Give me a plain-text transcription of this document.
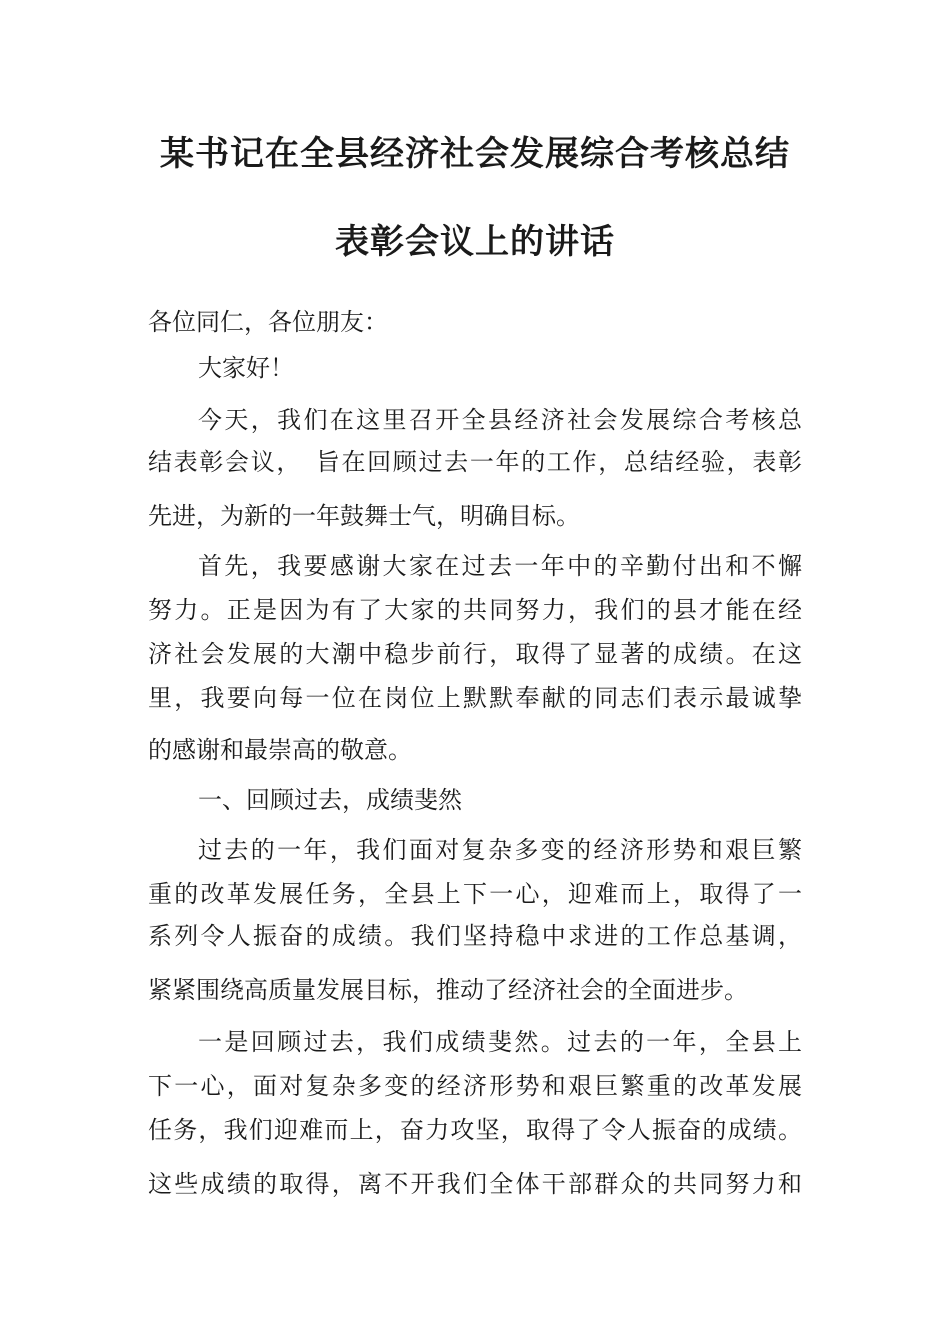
某书记在全县经济社会发展综合考核总结
表彰会议上的讲话

各位同仁，各位朋友：

大家好！

今天，我们在这里召开全县经济社会发展综合考核总

结表彰会议，　旨在回顾过去一年的工作，总结经验，表彰

先进，为新的一年鼓舞士气，明确目标。

首先，我要感谢大家在过去一年中的辛勤付出和不懈

努力。正是因为有了大家的共同努力，我们的县才能在经

济社会发展的大潮中稳步前行，取得了显著的成绩。在这

里，我要向每一位在岗位上默默奉献的同志们表示最诚挚

的感谢和最崇高的敬意。

一、回顾过去，成绩斐然

过去的一年，我们面对复杂多变的经济形势和艰巨繁

重的改革发展任务，全县上下一心，迎难而上，取得了一

系列令人振奋的成绩。我们坚持稳中求进的工作总基调，

紧紧围绕高质量发展目标，推动了经济社会的全面进步。

一是回顾过去，我们成绩斐然。过去的一年，全县上

下一心，面对复杂多变的经济形势和艰巨繁重的改革发展

任务，我们迎难而上，奋力攻坚，取得了令人振奋的成绩。

这些成绩的取得，离不开我们全体干部群众的共同努力和
